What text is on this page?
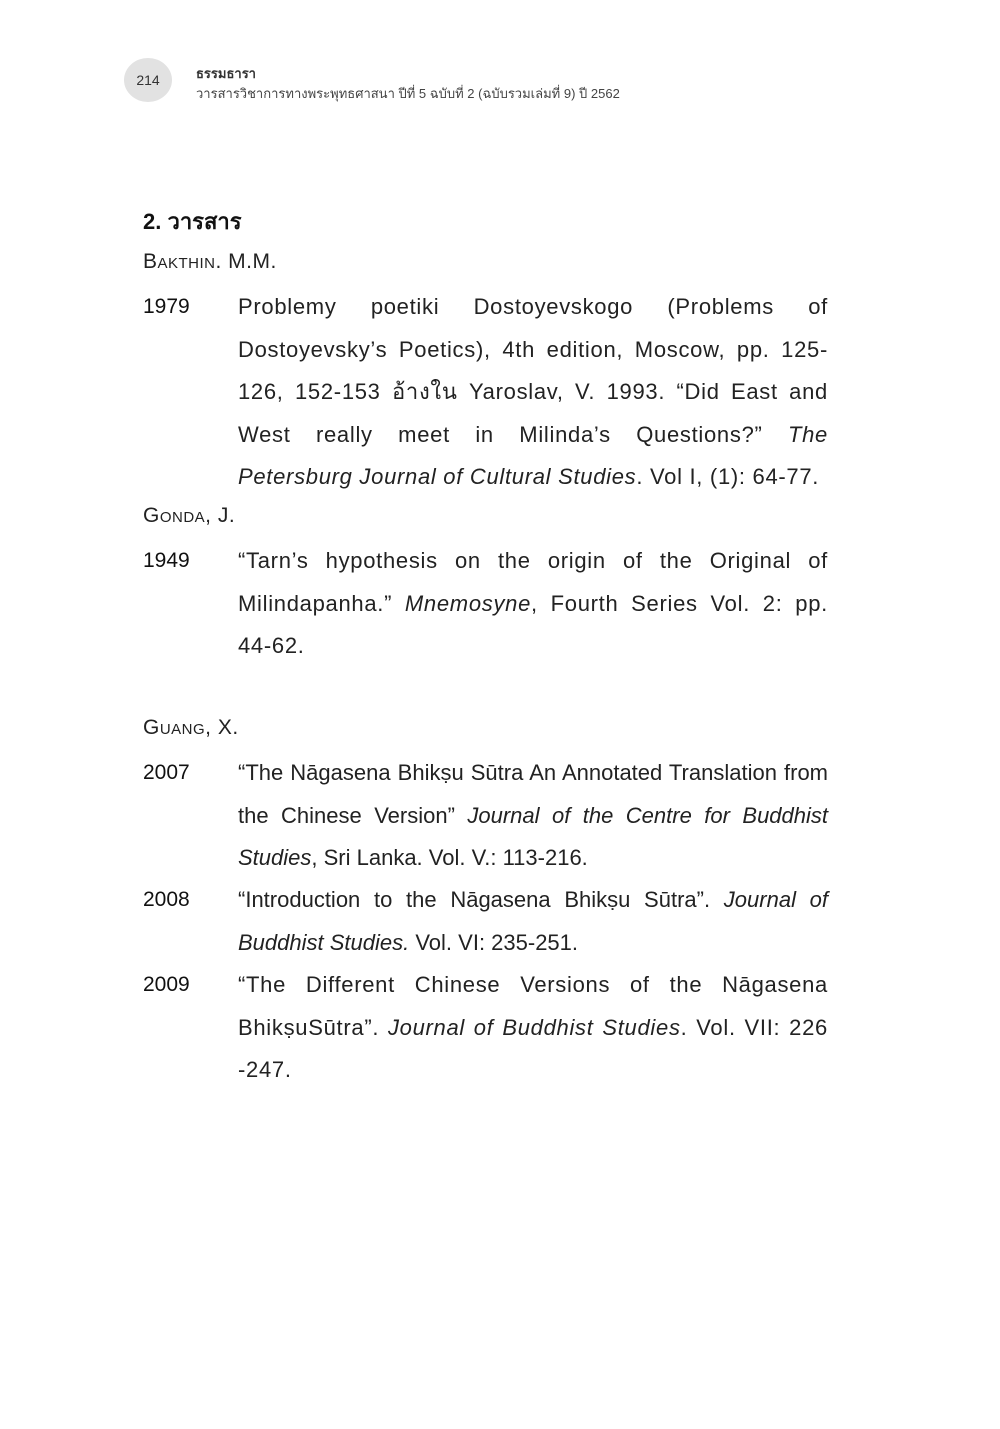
214	ธรรมธารา
วารสารวิชาการทางพระพุทธศาสนา ปีที่ 5 ฉบับที่ 2 (ฉบับรวมเล่มที่ 9) ปี 2562
2. วารสาร
Bakthin. M.M.
1979 Problemy poetiki Dostoyevskogo (Problems of Dostoyevsky’s Poetics), 4th edition, Moscow, pp. 125-126, 152-153 อ้างใน Yaroslav, V. 1993. “Did East and West really meet in Milinda’s Questions?” The Petersburg Journal of Cultural Studies. Vol I, (1): 64-77.
Gonda, J.
1949 “Tarn’s hypothesis on the origin of the Original of Milindapanha.” Mnemosyne, Fourth Series Vol. 2: pp. 44-62.
Guang, X.
2007 “The Nāgasena Bhikṣu Sūtra An Annotated Translation from the Chinese Version” Journal of the Centre for Buddhist Studies, Sri Lanka. Vol. V.: 113-216.
2008 “Introduction to the Nāgasena Bhikṣu Sūtra”. Journal of Buddhist Studies. Vol. VI: 235-251.
2009 “The Different Chinese Versions of the Nāgasena BhikṣuSūtra”. Journal of Buddhist Studies. Vol. VII: 226 -247.
